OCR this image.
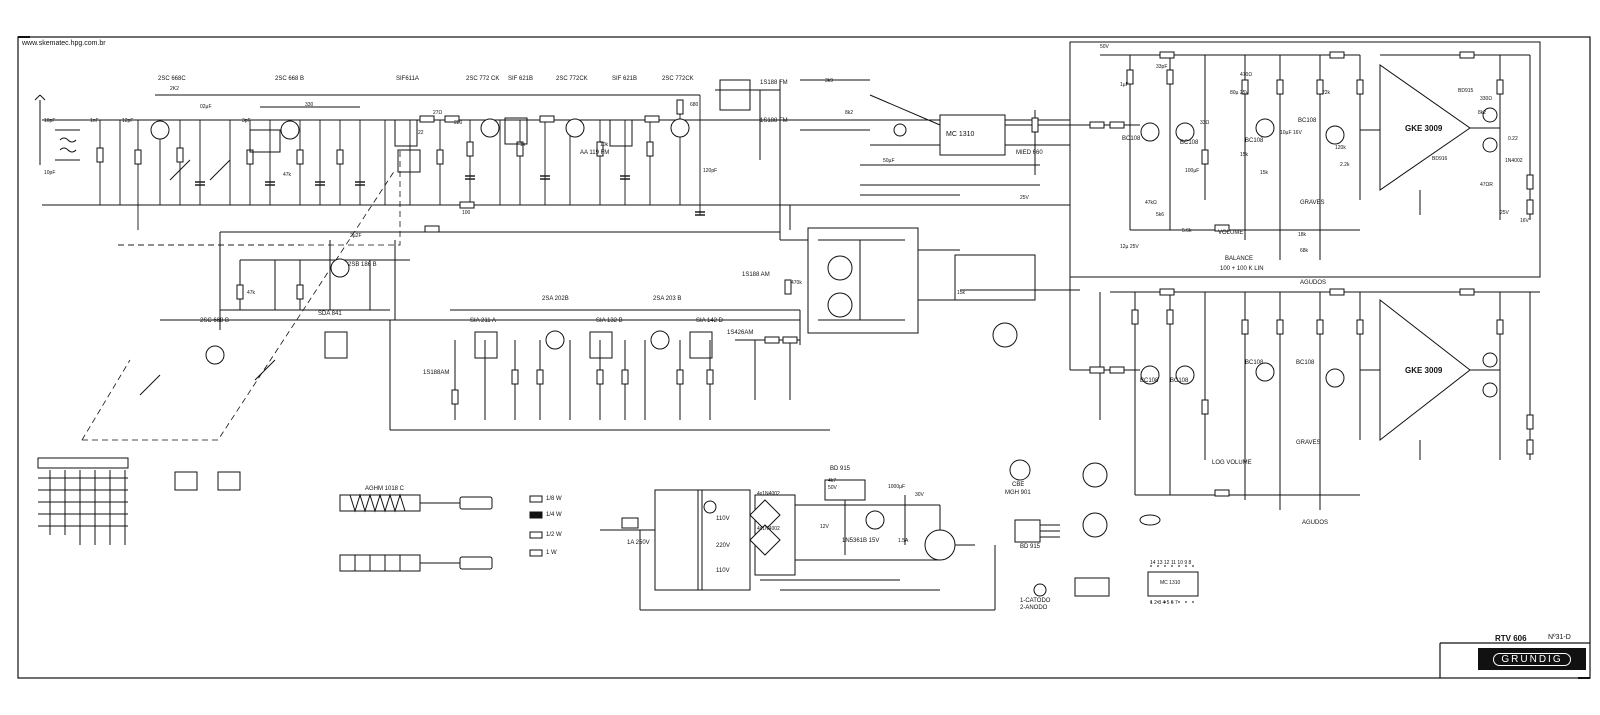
www.skematec.hpg.com.br
2SC 668C	2SC 668 B	SIF611A	2SC 772 CK SIF 621B	2SC 772CK	SIF 621B	2SC 772CK
2SC 668 B
2SB 186 B
SDA 841
SIA 211 A
2SA 202B
SIA 132 B
2SA 203 B
SIA 142 D
1S188 FM
1S188 FM
1S188 AM
1S188AM
1S426AM
AA 119 FM
MC 1310
MIED 660
GKE 3009
BC108
BC108	BC108
BC108
VOLUME
GRAVES
AGUDOS
BALANCE
100 + 100 K LIN
GKE 3009
BC108 BC108
BC108	BC108
LOG VOLUME
GRAVES
AGUDOS
AGHM 1018 C
110V
220V
110V
1A 250V
4x1N4002
4x1N4002
BD 915
1N5361B 15V
BD 915
CBE
MGH 901
1-CATODO
2-ANODO
MC 1310
14 13 12 11 10 9 8
1 2 3 4 5 6 7
1/8 W
1/4 W
1/2 W
1 W
10pF	1nF
10pF
2K2
12pF
02µF
3pF
330
120pF
27Ω
47k
22
220
1k	10k
100
3k9
47k
470k
680
8k2
15k
2µ2F
50µF
1000µF
12V
25V
30V
50V
1.5A
4k7
100µF
470Ω
47kΩ
2.2k
5k6
5.6k
15k
33pF
22k
18k
68k
120k
15k
10µF 16V
1µF
33Ω
0.22
8k2
1N4002
BD915
BD916
330Ω
47ΩR
25V
16V
50V
80µ 25V
12µ 25V
RTV 606	Nº31-D
GRUNDIG
